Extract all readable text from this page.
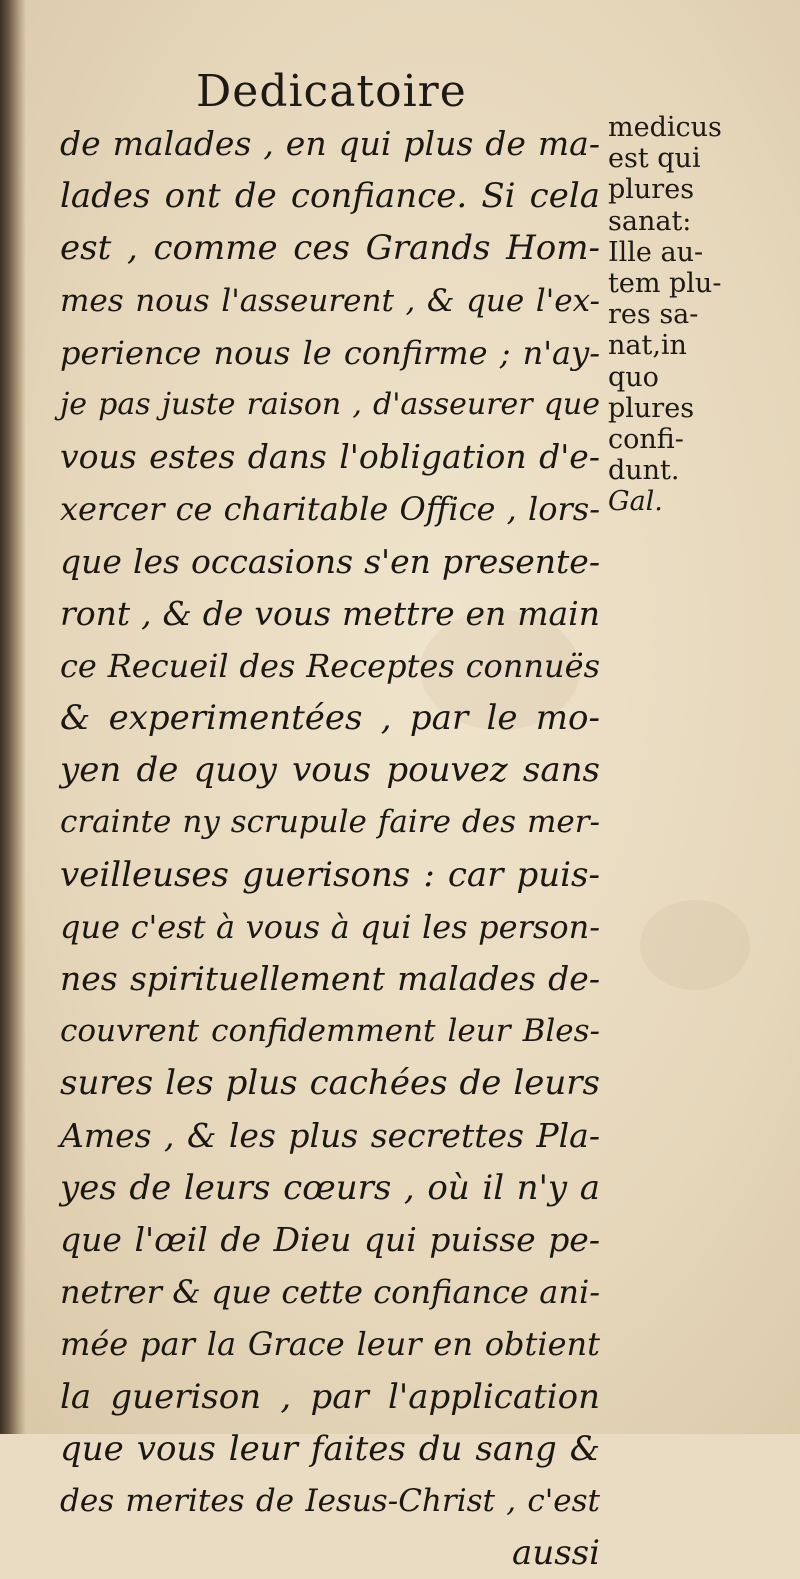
Dedicatoire
de malades , en qui plus de ma-
lades ont de confiance. Si cela
est , comme ces Grands Hom-
mes nous l'asseurent , & que l'ex-
perience nous le confirme ; n'ay-
je pas juste raison , d'asseurer que
vous estes dans l'obligation d'e-
xercer ce charitable Office , lors-
que les occasions s'en presente-
ront , & de vous mettre en main
ce Recueil des Receptes connuës
& experimentées , par le mo-
yen de quoy vous pouvez sans
crainte ny scrupule faire des mer-
veilleuses guerisons : car puis-
que c'est à vous à qui les person-
nes spirituellement malades de-
couvrent confidemment leur Bles-
sures les plus cachées de leurs
Ames , & les plus secrettes Pla-
yes de leurs cœurs , où il n'y a
que l'œil de Dieu qui puisse pe-
netrer & que cette confiance ani-
mée par la Grace leur en obtient
la guerison , par l'application
que vous leur faites du sang &
des merites de Iesus-Christ , c'est
aussi
medicus
est qui
plures
sanat:
Ille au-
tem plu-
res sa-
nat,in
quo
plures
confi-
dunt.
Gal.
